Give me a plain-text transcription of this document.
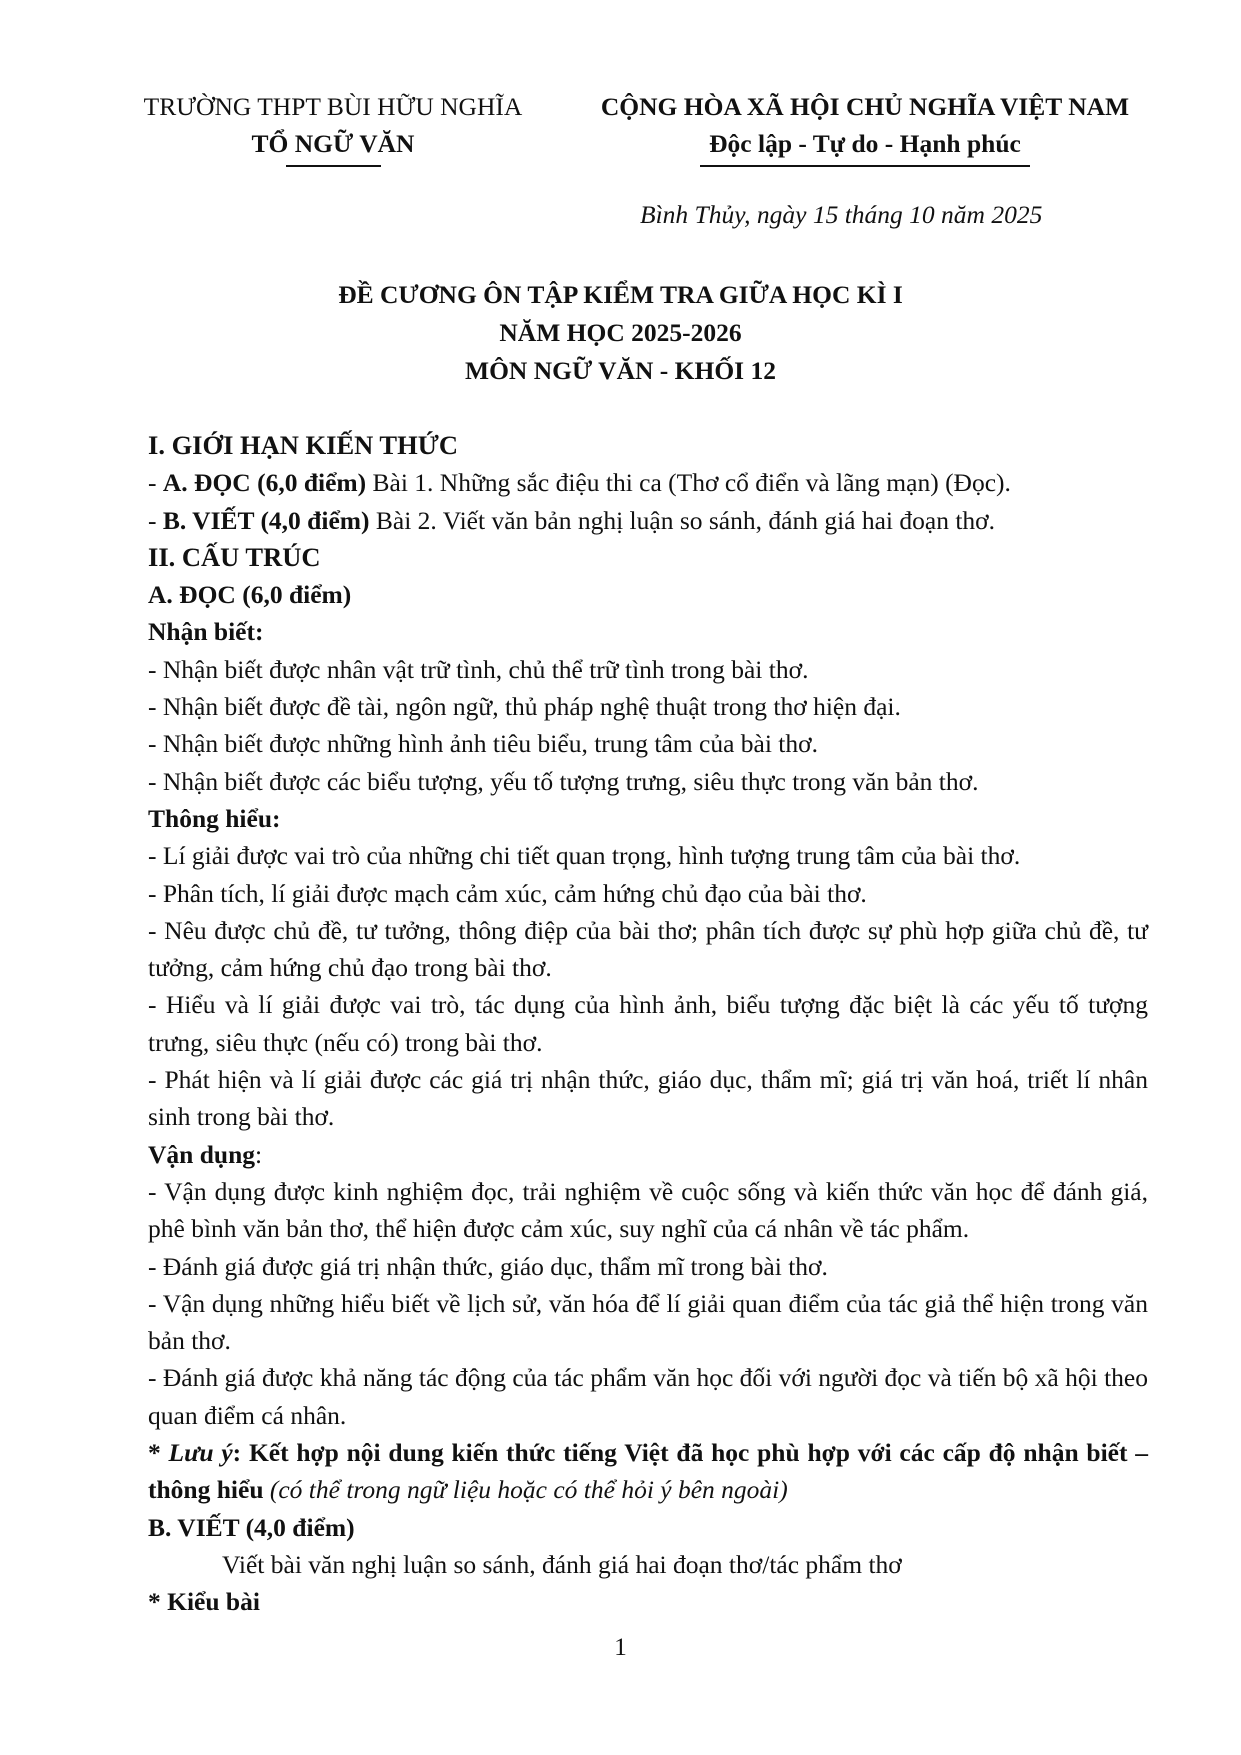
TRƯỜNG THPT BÙI HỮU NGHĨA
TỔ NGỮ VĂN
CỘNG HÒA XÃ HỘI CHỦ NGHĨA VIỆT NAM
Độc lập - Tự do - Hạnh phúc
Bình Thủy, ngày 15 tháng 10 năm 2025
ĐỀ CƯƠNG ÔN TẬP KIỂM TRA GIỮA HỌC KÌ I
NĂM HỌC 2025-2026
MÔN NGỮ VĂN - KHỐI 12

I. GIỚI HẠN KIẾN THỨC

- A. ĐỌC (6,0 điểm) Bài 1. Những sắc điệu thi ca (Thơ cổ điển và lãng mạn) (Đọc).

- B. VIẾT (4,0 điểm) Bài 2. Viết văn bản nghị luận so sánh, đánh giá hai đoạn thơ.

II. CẤU TRÚC

A. ĐỌC (6,0 điểm)

Nhận biết:

- Nhận biết được nhân vật trữ tình, chủ thể trữ tình trong bài thơ.

- Nhận biết được đề tài, ngôn ngữ, thủ pháp nghệ thuật trong thơ hiện đại.

- Nhận biết được những hình ảnh tiêu biểu, trung tâm của bài thơ.

- Nhận biết được các biểu tượng, yếu tố tượng trưng, siêu thực trong văn bản thơ.

Thông hiểu:

- Lí giải được vai trò của những chi tiết quan trọng, hình tượng trung tâm của bài thơ.

- Phân tích, lí giải được mạch cảm xúc, cảm hứng chủ đạo của bài thơ.

- Nêu được chủ đề, tư tưởng, thông điệp của bài thơ; phân tích được sự phù hợp giữa chủ đề, tư tưởng, cảm hứng chủ đạo trong bài thơ.

- Hiểu và lí giải được vai trò, tác dụng của hình ảnh, biểu tượng đặc biệt là các yếu tố tượng trưng, siêu thực (nếu có) trong bài thơ.

- Phát hiện và lí giải được các giá trị nhận thức, giáo dục, thẩm mĩ; giá trị văn hoá, triết lí nhân sinh trong bài thơ.

Vận dụng:

- Vận dụng được kinh nghiệm đọc, trải nghiệm về cuộc sống và kiến thức văn học để đánh giá, phê bình văn bản thơ, thể hiện được cảm xúc, suy nghĩ của cá nhân về tác phẩm.

- Đánh giá được giá trị nhận thức, giáo dục, thẩm mĩ trong bài thơ.

- Vận dụng những hiểu biết về lịch sử, văn hóa để lí giải quan điểm của tác giả thể hiện trong văn bản thơ.

- Đánh giá được khả năng tác động của tác phẩm văn học đối với người đọc và tiến bộ xã hội theo quan điểm cá nhân.

* Lưu ý: Kết hợp nội dung kiến thức tiếng Việt đã học phù hợp với các cấp độ nhận biết – thông hiểu (có thể trong ngữ liệu hoặc có thể hỏi ý bên ngoài)

B. VIẾT (4,0 điểm)

Viết bài văn nghị luận so sánh, đánh giá hai đoạn thơ/tác phẩm thơ

* Kiểu bài

1
